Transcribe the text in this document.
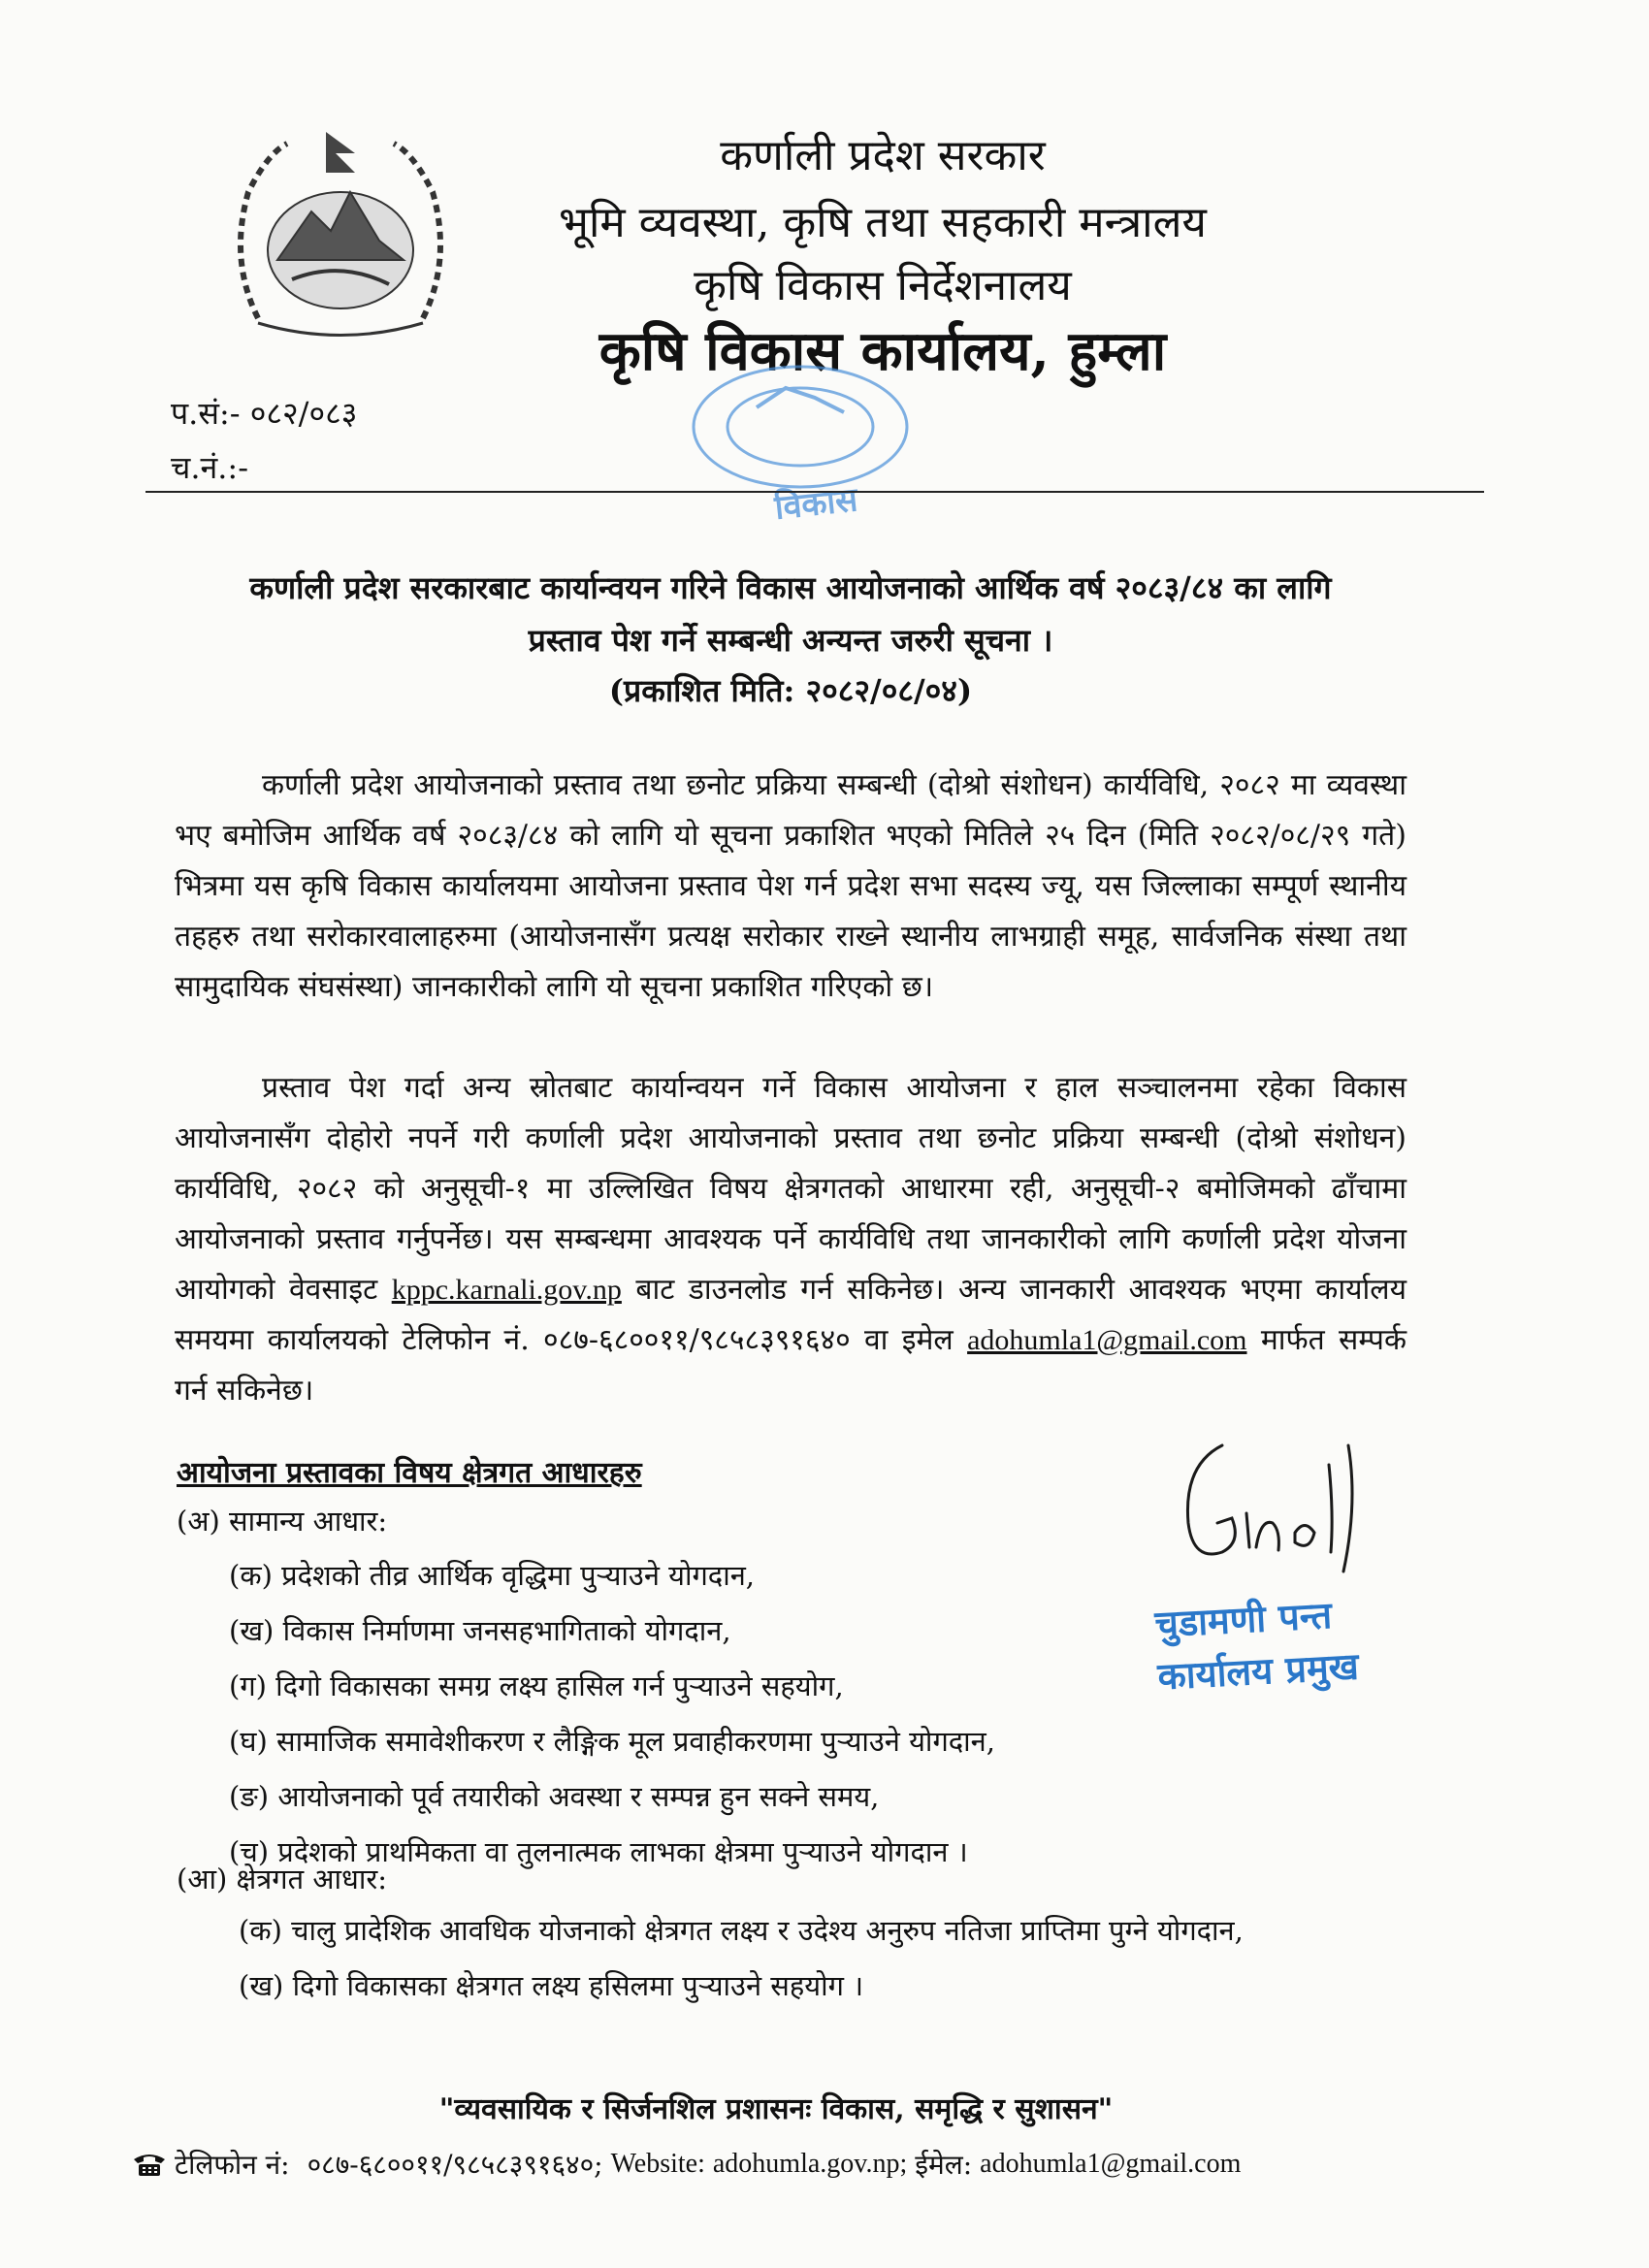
कर्णाली प्रदेश सरकार
भूमि व्यवस्था, कृषि तथा सहकारी मन्त्रालय
कृषि विकास निर्देशनालय
कृषि विकास कार्यालय, हुम्ला
विकास
प.सं:- ०८२/०८३
च.नं.:-
कर्णाली प्रदेश सरकारबाट कार्यान्वयन गरिने विकास आयोजनाको आर्थिक वर्ष २०८३/८४ का लागि
प्रस्ताव पेश गर्ने सम्बन्धी अन्यन्त जरुरी सूचना ।
(प्रकाशित मिति: २०८२/०८/०४)

कर्णाली प्रदेश आयोजनाको प्रस्ताव तथा छनोट प्रक्रिया सम्बन्धी (दोश्रो संशोधन) कार्यविधि, २०८२ मा व्यवस्था भए बमोजिम आर्थिक वर्ष २०८३/८४ को लागि यो सूचना प्रकाशित भएको मितिले २५ दिन (मिति २०८२/०८/२९ गते) भित्रमा यस कृषि विकास कार्यालयमा आयोजना प्रस्ताव पेश गर्न प्रदेश सभा सदस्य ज्यू, यस जिल्लाका सम्पूर्ण स्थानीय तहहरु तथा सरोकारवालाहरुमा (आयोजनासँग प्रत्यक्ष सरोकार राख्ने स्थानीय लाभग्राही समूह, सार्वजनिक संस्था तथा सामुदायिक संघसंस्था) जानकारीको लागि यो सूचना प्रकाशित गरिएको छ।

प्रस्ताव पेश गर्दा अन्य स्रोतबाट कार्यान्वयन गर्ने विकास आयोजना र हाल सञ्चालनमा रहेका विकास आयोजनासँग दोहोरो नपर्ने गरी कर्णाली प्रदेश आयोजनाको प्रस्ताव तथा छनोट प्रक्रिया सम्बन्धी (दोश्रो संशोधन) कार्यविधि, २०८२ को अनुसूची-१ मा उल्लिखित विषय क्षेत्रगतको आधारमा रही, अनुसूची-२ बमोजिमको ढाँचामा आयोजनाको प्रस्ताव गर्नुपर्नेछ। यस सम्बन्धमा आवश्यक पर्ने कार्यविधि तथा जानकारीको लागि कर्णाली प्रदेश योजना आयोगको वेवसाइट kppc.karnali.gov.np बाट डाउनलोड गर्न सकिनेछ। अन्य जानकारी आवश्यक भएमा कार्यालय समयमा कार्यालयको टेलिफोन नं. ०८७-६८००११/९८५८३९१६४० वा इमेल adohumla1@gmail.com मार्फत सम्पर्क गर्न सकिनेछ।

आयोजना प्रस्तावका विषय क्षेत्रगत आधारहरु
(अ) सामान्य आधार:
(क) प्रदेशको तीव्र आर्थिक वृद्धिमा पुऱ्याउने योगदान,
(ख) विकास निर्माणमा जनसहभागिताको योगदान,
(ग) दिगो विकासका समग्र लक्ष्य हासिल गर्न पुऱ्याउने सहयोग,
(घ) सामाजिक समावेशीकरण र लैङ्गिक मूल प्रवाहीकरणमा पुऱ्याउने योगदान,
(ङ) आयोजनाको पूर्व तयारीको अवस्था र सम्पन्न हुन सक्ने समय,
(च) प्रदेशको प्राथमिकता वा तुलनात्मक लाभका क्षेत्रमा पुऱ्याउने योगदान ।
(आ) क्षेत्रगत आधार:
(क) चालु प्रादेशिक आवधिक योजनाको क्षेत्रगत लक्ष्य र उदेश्य अनुरुप नतिजा प्राप्तिमा पुग्ने योगदान,
(ख) दिगो विकासका क्षेत्रगत लक्ष्य हसिलमा पुऱ्याउने सहयोग ।
चुडामणी पन्त
कार्यालय प्रमुख
"व्यवसायिक र सिर्जनशिल प्रशासनः विकास, समृद्धि र सुशासन"
टेलिफोन नं: ०८७-६८००११/९८५८३९१६४०; Website: adohumla.gov.np; ईमेल: adohumla1@gmail.com
